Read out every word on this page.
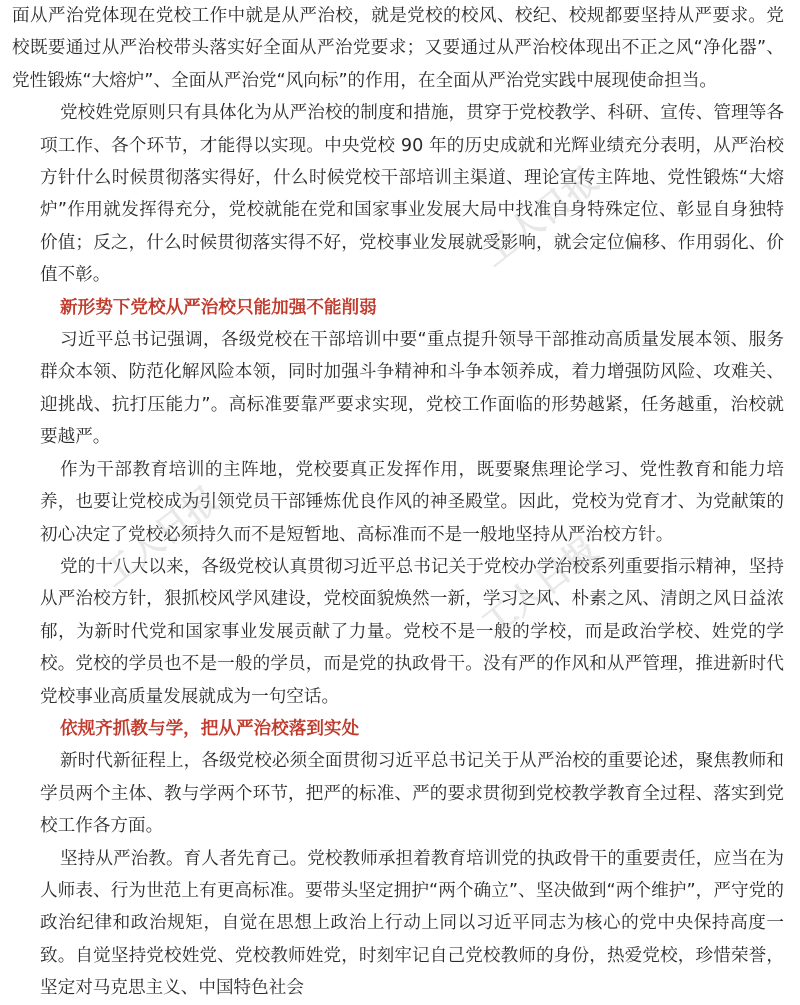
面从严治党体现在党校工作中就是从严治校，就是党校的校风、校纪、校规都要坚持从严要求。党校既要通过从严治校带头落实好全面从严治党要求；又要通过从严治校体现出不正之风“净化器”、党性锻炼“大熔炉”、全面从严治党“风向标”的作用，在全面从严治党实践中展现使命担当。

党校姓党原则只有具体化为从严治校的制度和措施，贯穿于党校教学、科研、宣传、管理等各项工作、各个环节，才能得以实现。中央党校 90 年的历史成就和光辉业绩充分表明，从严治校方针什么时候贯彻落实得好，什么时候党校干部培训主渠道、理论宣传主阵地、党性锻炼“大熔炉”作用就发挥得充分，党校就能在党和国家事业发展大局中找准自身特殊定位、彰显自身独特价值；反之，什么时候贯彻落实得不好，党校事业发展就受影响，就会定位偏移、作用弱化、价值不彰。

新形势下党校从严治校只能加强不能削弱

习近平总书记强调，各级党校在干部培训中要“重点提升领导干部推动高质量发展本领、服务群众本领、防范化解风险本领，同时加强斗争精神和斗争本领养成，着力增强防风险、攻难关、迎挑战、抗打压能力”。高标准要靠严要求实现，党校工作面临的形势越紧，任务越重，治校就要越严。

作为干部教育培训的主阵地，党校要真正发挥作用，既要聚焦理论学习、党性教育和能力培养，也要让党校成为引领党员干部锤炼优良作风的神圣殿堂。因此，党校为党育才、为党献策的初心决定了党校必须持久而不是短暂地、高标准而不是一般地坚持从严治校方针。

党的十八大以来，各级党校认真贯彻习近平总书记关于党校办学治校系列重要指示精神，坚持从严治校方针，狠抓校风学风建设，党校面貌焕然一新，学习之风、朴素之风、清朗之风日益浓郁，为新时代党和国家事业发展贡献了力量。党校不是一般的学校，而是政治学校、姓党的学校。党校的学员也不是一般的学员，而是党的执政骨干。没有严的作风和从严管理，推进新时代党校事业高质量发展就成为一句空话。

依规齐抓教与学，把从严治校落到实处

新时代新征程上，各级党校必须全面贯彻习近平总书记关于从严治校的重要论述，聚焦教师和学员两个主体、教与学两个环节，把严的标准、严的要求贯彻到党校教学教育全过程、落实到党校工作各方面。

坚持从严治教。育人者先育己。党校教师承担着教育培训党的执政骨干的重要责任，应当在为人师表、行为世范上有更高标准。要带头坚定拥护“两个确立”、坚决做到“两个维护”，严守党的政治纪律和政治规矩，自觉在思想上政治上行动上同以习近平同志为核心的党中央保持高度一致。自觉坚持党校姓党、党校教师姓党，时刻牢记自己党校教师的身份，热爱党校，珍惜荣誉，坚定对马克思主义、中国特色社会

工人日报
工人日报	工人日报
